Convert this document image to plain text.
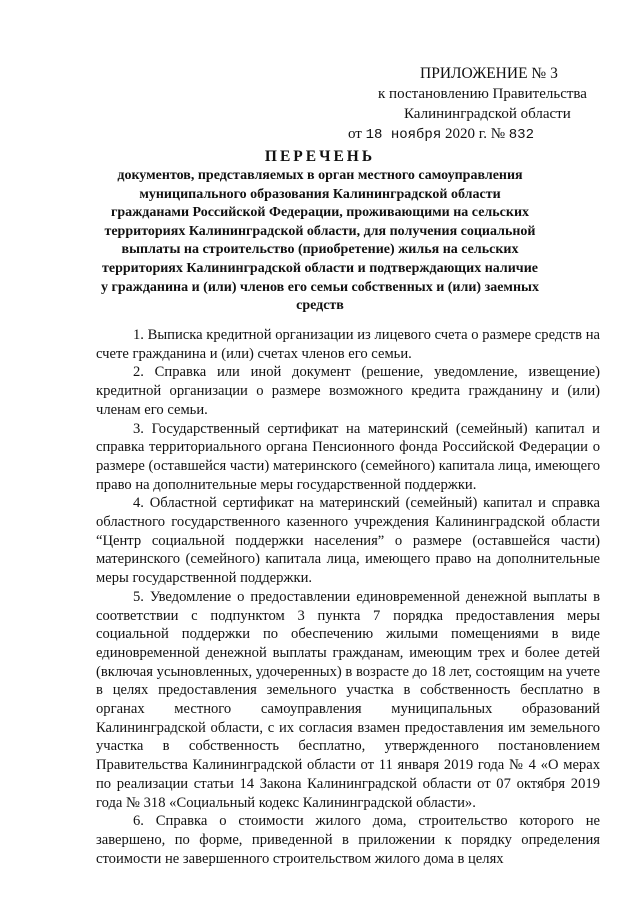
ПРИЛОЖЕНИЕ № 3
к постановлению Правительства
Калининградской области
от 18 ноября 2020 г. № 832
ПЕРЕЧЕНЬ
документов, представляемых в орган местного самоуправления муниципального образования Калининградской области гражданами Российской Федерации, проживающими на сельских территориях Калининградской области, для получения социальной выплаты на строительство (приобретение) жилья на сельских территориях Калининградской области и подтверждающих наличие у гражданина и (или) членов его семьи собственных и (или) заемных средств

1. Выписка кредитной организации из лицевого счета о размере средств на счете гражданина и (или) счетах членов его семьи.

2. Справка или иной документ (решение, уведомление, извещение) кредитной организации о размере возможного кредита гражданину и (или) членам его семьи.

3. Государственный сертификат на материнский (семейный) капитал и справка территориального органа Пенсионного фонда Российской Федерации о размере (оставшейся части) материнского (семейного) капитала лица, имеющего право на дополнительные меры государственной поддержки.

4. Областной сертификат на материнский (семейный) капитал и справка областного государственного казенного учреждения Калининградской области “Центр социальной поддержки населения” о размере (оставшейся части) материнского (семейного) капитала лица, имеющего право на дополнительные меры государственной поддержки.

5. Уведомление о предоставлении единовременной денежной выплаты в соответствии с подпунктом 3 пункта 7 порядка предоставления меры социальной поддержки по обеспечению жилыми помещениями в виде единовременной денежной выплаты гражданам, имеющим трех и более детей (включая усыновленных, удочеренных) в возрасте до 18 лет, состоящим на учете в целях предоставления земельного участка в собственность бесплатно в органах местного самоуправления муниципальных образований Калининградской области, с их согласия взамен предоставления им земельного участка в собственность бесплатно, утвержденного постановлением Правительства Калининградской области от 11 января 2019 года № 4 «О мерах по реализации статьи 14 Закона Калининградской области от 07 октября 2019 года № 318 «Социальный кодекс Калининградской области».

6. Справка о стоимости жилого дома, строительство которого не завершено, по форме, приведенной в приложении к порядку определения стоимости не завершенного строительством жилого дома в целях
